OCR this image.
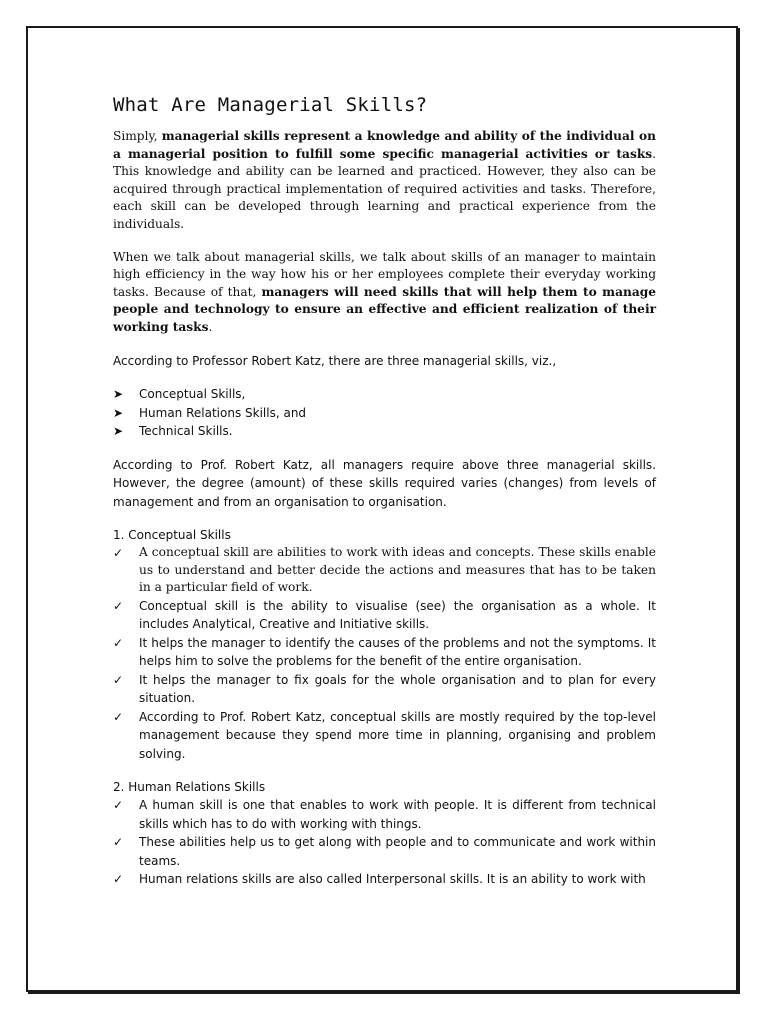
What Are Managerial Skills?

Simply, managerial skills represent a knowledge and ability of the individual on a managerial position to fulfill some specific managerial activities or tasks. This knowledge and ability can be learned and practiced. However, they also can be acquired through practical implementation of required activities and tasks. Therefore, each skill can be developed through learning and practical experience from the individuals.

When we talk about managerial skills, we talk about skills of an manager to maintain high efficiency in the way how his or her employees complete their everyday working tasks. Because of that, managers will need skills that will help them to manage people and technology to ensure an effective and efficient realization of their working tasks.

According to Professor Robert Katz, there are three managerial skills, viz.,

➤	Conceptual Skills,
➤	Human Relations Skills, and
➤	Technical Skills.

According to Prof. Robert Katz, all managers require above three managerial skills. However, the degree (amount) of these skills required varies (changes) from levels of management and from an organisation to organisation.

1. Conceptual Skills

✓	A conceptual skill are abilities to work with ideas and concepts. These skills enable us to understand and better decide the actions and measures that has to be taken in a particular field of work.
✓	Conceptual skill is the ability to visualise (see) the organisation as a whole. It includes Analytical, Creative and Initiative skills.
✓	It helps the manager to identify the causes of the problems and not the symptoms. It helps him to solve the problems for the benefit of the entire organisation.
✓	It helps the manager to fix goals for the whole organisation and to plan for every situation.
✓	According to Prof. Robert Katz, conceptual skills are mostly required by the top-level management because they spend more time in planning, organising and problem solving.

2. Human Relations Skills

✓	A human skill is one that enables to work with people. It is different from technical skills which has to do with working with things.
✓	These abilities help us to get along with people and to communicate and work within teams.
✓	Human relations skills are also called Interpersonal skills. It is an ability to work with
